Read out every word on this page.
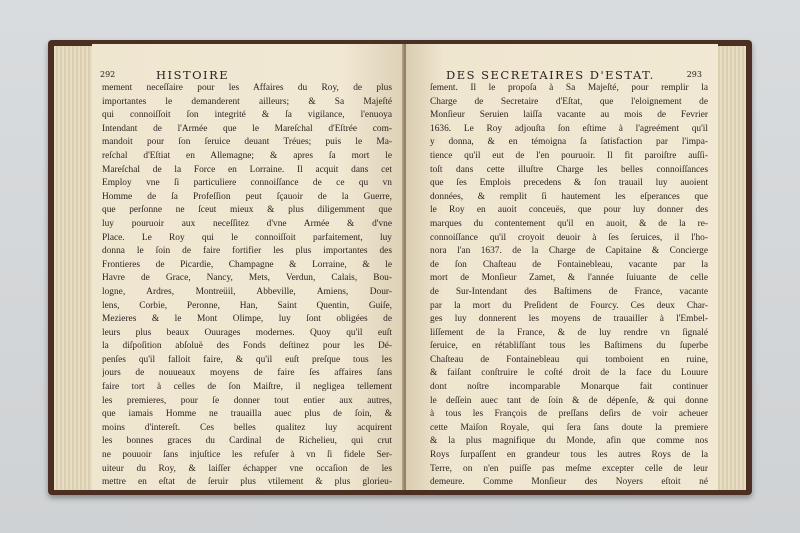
292	HISTOIRE
mement neceſſaire pour les Affaires du Roy, de plus
importantes le demanderent ailleurs; & Sa Majeſté
qui connoiſſoit ſon integrité & ſa vigilance, l'enuoya
Intendant de l'Armée que le Mareſchal d'Eſtrée com-
mandoit pour ſon ſeruice deuant Tréues; puis le Ma-
reſchal d'Eſtiat en Allemagne; & apres ſa mort le
Mareſchal de la Force en Lorraine. Il acquit dans cet
Employ vne ſi particuliere connoiſſance de ce qu vn
Homme de ſa Profeſſion peut ſçauoir de la Guerre,
que perſonne ne ſceut mieux & plus diligemment que
luy pouruoir aux neceſſitez d'vne Armée & d'vne
Place. Le Roy qui le connoiſſoit parfaitement, luy
donna le ſoin de faire fortifier les plus importantes des
Frontieres de Picardie, Champagne & Lorraine, & le
Havre de Grace, Nancy, Mets, Verdun, Calais, Bou-
logne, Ardres, Montreüil, Abbeville, Amiens, Dour-
lens, Corbie, Peronne, Han, Saint Quentin, Guiſe,
Mezieres & le Mont Olimpe, luy ſont obligées de
leurs plus beaux Ouurages modernes. Quoy qu'il euſt
la diſpoſition abſoluë des Fonds deſtinez pour les Dé-
penſes qu'il falloit faire, & qu'il euſt preſque tous les
jours de nouueaux moyens de faire ſes affaires ſans
faire tort à celles de ſon Maiſtre, il negligea tellement
les premieres, pour ſe donner tout entier aux autres,
que iamais Homme ne trauailla auec plus de ſoin, &
moins d'intereſt. Ces belles qualitez luy acquirent
les bonnes graces du Cardinal de Richelieu, qui crut
ne pouuoir ſans injuſtice les refuſer à vn ſi fidele Ser-
uiteur du Roy, & laiſſer échapper vne occaſion de les
mettre en eſtat de ſeruir plus vtilement & plus glorieu-
DES SECRETAIRES D'ESTAT.	293
ſement. Il le propoſa à Sa Majeſté, pour remplir la
Charge de Secretaire d'Eſtat, que l'eloignement de
Monſieur Seruien laiſſa vacante au mois de Fevrier
1636. Le Roy adjouſta ſon eſtime à l'agreément qu'il
y donna, & en témoigna ſa ſatisfaction par l'impa-
tience qu'il eut de l'en pouruoir. Il fit paroiſtre auſſi-
toſt dans cette illuſtre Charge les belles connoiſſances
que ſes Emplois precedens & ſon trauail luy auoient
données, & remplit ſi hautement les eſperances que
le Roy en auoit conceuës, que pour luy donner des
marques du contentement qu'il en auoit, & de la re-
connoiſſance qu'il croyoit deuoir à ſes ſeruices, il l'ho-
nora l'an 1637. de la Charge de Capitaine & Concierge
de ſon Chaſteau de Fontainebleau, vacante par la
mort de Monſieur Zamet, & l'année ſuiuante de celle
de Sur-Intendant des Baſtimens de France, vacante
par la mort du Preſident de Fourcy. Ces deux Char-
ges luy donnerent les moyens de trauailler à l'Embel-
liſſement de la France, & de luy rendre vn ſignalé
ſeruice, en rétabliſſant tous les Baſtimens du ſuperbe
Chaſteau de Fontainebleau qui tomboient en ruine,
& faiſant conſtruire le coſté droit de la face du Louure
dont noſtre incomparable Monarque fait continuer
le deſſein auec tant de ſoin & de dépenſe, & qui donne
à tous les François de preſſans deſirs de voir acheuer
cette Maiſon Royale, qui ſera ſans doute la premiere
& la plus magnifique du Monde, afin que comme nos
Roys ſurpaſſent en grandeur tous les autres Roys de la
Terre, on n'en puiſſe pas meſme excepter celle de leur
demeure. Comme Monſieur des Noyers eſtoit né
